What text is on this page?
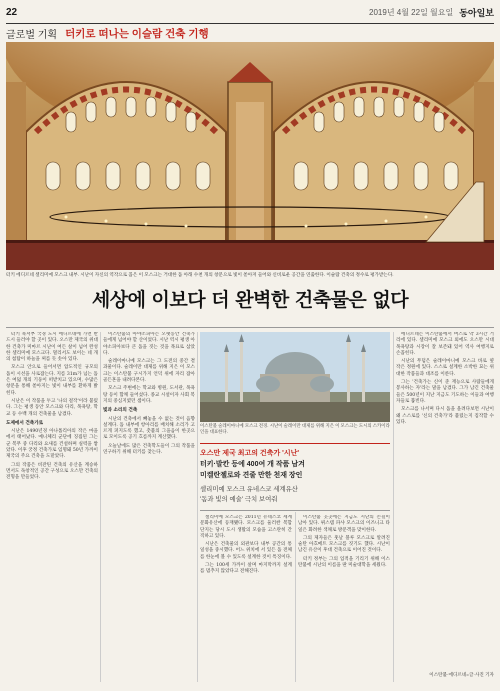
22	2019년 4월 22일 월요일 동아일보
글로벌 기획 터키로 떠나는 이슬람 건축 기행
터키 에디르네 셀리미예 모스크 내부. 시난이 자신의 역작으로 꼽은 이 모스크는 거대한 돔 아래 수천 개의 창문으로 빛이 쏟아져 들어와 신비로운 공간을 연출한다. 이슬람 건축의 정수로 평가받는다.
세상에 이보다 더 완벽한 건축물은 없다

터키 북서부 국경 도시 에디르네에 가면 반드시 들러야 할 곳이 있다. 오스만 제국의 위대한 건축가 미마르 시난이 여든 살이 넘어 완성한 셀리미예 모스크다. 멀리서도 보이는 네 개의 첨탑이 하늘을 찌를 듯 솟아 있다.

모스크 안으로 들어서면 압도적인 규모의 돔이 시선을 사로잡는다. 지름 31m가 넘는 돔은 여덟 개의 기둥이 떠받치고 있으며, 수많은 창문을 통해 쏟아지는 빛이 내부를 환하게 밝힌다.

시난은 이 작품을 두고 '나의 걸작'이라 불렀다. 그는 평생 동안 모스크와 다리, 목욕탕, 학교 등 수백 개의 건축물을 남겼다.

도제에서 건축가로

시난은 1490년경 아나톨리아의 작은 마을에서 태어났다. 예니체리 군단에 징집된 그는 군 복무 중 다리와 요새를 건설하며 실력을 쌓았다. 이후 궁정 건축가로 임명돼 50년 가까이 제국의 주요 건축을 도맡았다.

그의 작품은 비잔틴 건축의 유산을 계승하면서도 독창적인 공간 구성으로 오스만 건축의 전형을 만들었다.

이스탄불의 아야소피아는 오랫동안 건축가들에게 넘어야 할 산이었다. 시난 역시 평생 아야소피아보다 큰 돔을 짓는 것을 목표로 삼았다.

술레이마니예 모스크는 그 도전의 중간 결과물이다. 술레이만 대제를 위해 지은 이 모스크는 이스탄불 구시가지 언덕 위에 자리 잡아 골든혼을 내려다본다.

모스크 주변에는 학교와 병원, 도서관, 목욕탕 등이 함께 들어섰다. 종교 시설이자 사회 복지의 중심지였던 셈이다.

빛과 소리의 건축

시난의 건축에서 빼놓을 수 없는 것이 음향 설계다. 돔 내부에 항아리를 배치해 소리가 고르게 퍼지도록 했고, 촛불의 그을음이 한곳으로 모이도록 공기 흐름까지 계산했다.

오늘날에도 많은 건축학도들이 그의 작품을 연구하기 위해 터키를 찾는다.

이스탄불 술레이마니예 모스크 전경. 시난이 술레이만 대제를 위해 지은 이 모스크는 도시의 스카이라인을 대표한다.
오스만 제국 최고의 건축가 '시난'
터키·발칸 등에 400여 개 작품 남겨
미켈란젤로와 견줄 만한 천재 장인
셀리미예 모스크 유네스코 세계유산
'돔과 빛의 예술' 극치 보여줘

셀리미예 모스크는 2011년 유네스코 세계문화유산에 등재됐다. 모스크를 둘러싼 복합 단지는 당시 도시 생활의 모습을 고스란히 간직하고 있다.

시난은 건축물의 외관보다 내부 공간의 통일성을 중시했다. 어느 위치에 서 있든 돔 전체를 한눈에 볼 수 있도록 설계한 것이 특징이다.

그는 100세 가까이 살며 마지막까지 설계를 멈추지 않았다고 전해진다.

이스탄불 곳곳에는 지금도 시난의 손길이 남아 있다. 뤼스템 파샤 모스크의 이즈니크 타일은 화려한 색채로 방문객을 맞이한다.

그의 제자들은 훗날 블루 모스크로 알려진 술탄 아흐메트 모스크를 짓기도 했다. 시난이 남긴 유산이 후대 건축으로 이어진 것이다.

터키 정부는 그의 업적을 기리기 위해 이스탄불에 시난의 이름을 딴 미술대학을 세웠다.

에디르네는 이스탄불에서 버스로 약 3시간 거리에 있다. 셀리미예 모스크 외에도 오스만 시대 목욕탕과 시장이 잘 보존돼 있어 역사 여행지로 손꼽힌다.

시난의 무덤은 술레이마니예 모스크 바로 옆 작은 정원에 있다. 스스로 설계한 소박한 묘는 위대한 작품들과 대조를 이룬다.

그는 '건축가는 신이 준 재능으로 사람들에게 봉사하는 자'라는 말을 남겼다. 그가 남긴 건축물들은 500년이 지난 지금도 기도하는 이들과 여행자들로 붐빈다.

모스크를 나서며 다시 돔을 올려다보면 시난이 왜 스스로를 '신의 건축가'라 불렀는지 짐작할 수 있다.

이스탄불·에디르네=글·사진 기자
